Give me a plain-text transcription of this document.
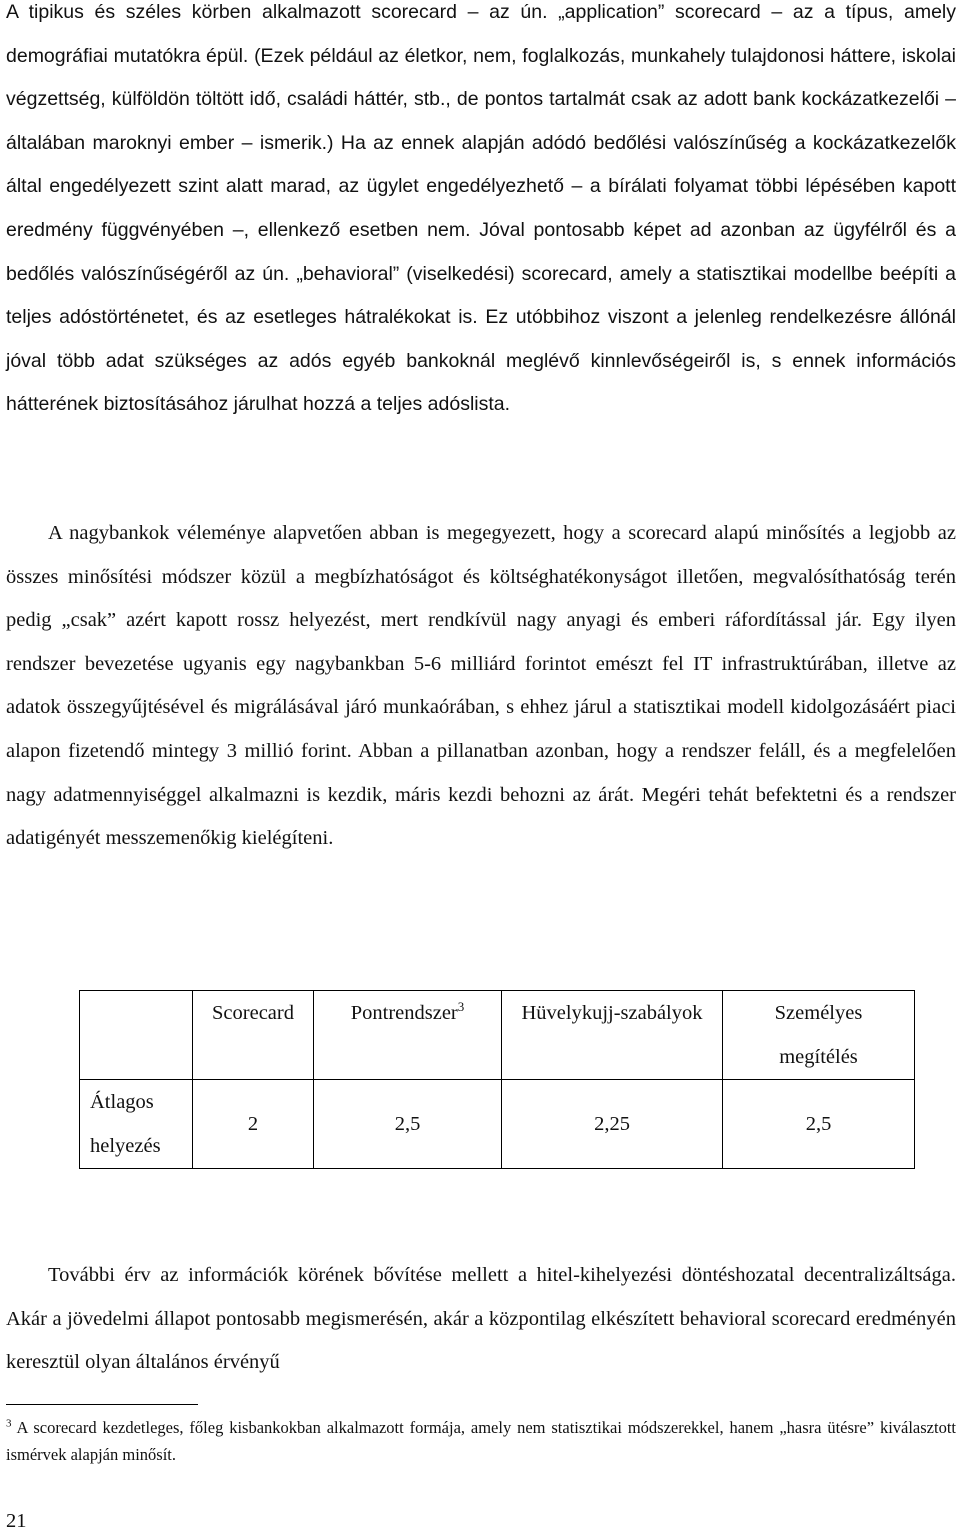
A tipikus és széles körben alkalmazott scorecard – az ún. „application” scorecard – az a típus, amely demográfiai mutatókra épül. (Ezek például az életkor, nem, foglalkozás, munkahely tulajdonosi háttere, iskolai végzettség, külföldön töltött idő, családi háttér, stb., de pontos tartalmát csak az adott bank kockázatkezelői – általában maroknyi ember – ismerik.) Ha az ennek alapján adódó bedőlési valószínűség a kockázatkezelők által engedélyezett szint alatt marad, az ügylet engedélyezhető – a bírálati folyamat többi lépésében kapott eredmény függvényében –, ellenkező esetben nem. Jóval pontosabb képet ad azonban az ügyfélről és a bedőlés valószínűségéről az ún. „behavioral” (viselkedési) scorecard, amely a statisztikai modellbe beépíti a teljes adóstörténetet, és az esetleges hátralékokat is. Ez utóbbihoz viszont a jelenleg rendelkezésre állónál jóval több adat szükséges az adós egyéb bankoknál meglévő kinnlevőségeiről is, s ennek információs hátterének biztosításához járulhat hozzá a teljes adóslista.

A nagybankok véleménye alapvetően abban is megegyezett, hogy a scorecard alapú minősítés a legjobb az összes minősítési módszer közül a megbízhatóságot és költséghatékonyságot illetően, megvalósíthatóság terén pedig „csak” azért kapott rossz helyezést, mert rendkívül nagy anyagi és emberi ráfordítással jár. Egy ilyen rendszer bevezetése ugyanis egy nagybankban 5-6 milliárd forintot emészt fel IT infrastruktúrában, illetve az adatok összegyűjtésével és migrálásával járó munkaórában, s ehhez járul a statisztikai modell kidolgozásáért piaci alapon fizetendő mintegy 3 millió forint. Abban a pillanatban azonban, hogy a rendszer feláll, és a megfelelően nagy adatmennyiséggel alkalmazni is kezdik, máris kezdi behozni az árát. Megéri tehát befektetni és a rendszer adatigényét messzemenőkig kielégíteni.

	Scorecard	Pontrendszer$^3$	Hüvelykujj-szabályok	Személyes megítélés
Átlagos helyezés	2	2,5	2,25	2,5

További érv az információk körének bővítése mellett a hitel-kihelyezési döntéshozatal decentralizáltsága. Akár a jövedelmi állapot pontosabb megismerésén, akár a központilag elkészített behavioral scorecard eredményén keresztül olyan általános érvényű

$^3$ A scorecard kezdetleges, főleg kisbankokban alkalmazott formája, amely nem statisztikai módszerekkel, hanem „hasra ütésre” kiválasztott ismérvek alapján minősít.

21
